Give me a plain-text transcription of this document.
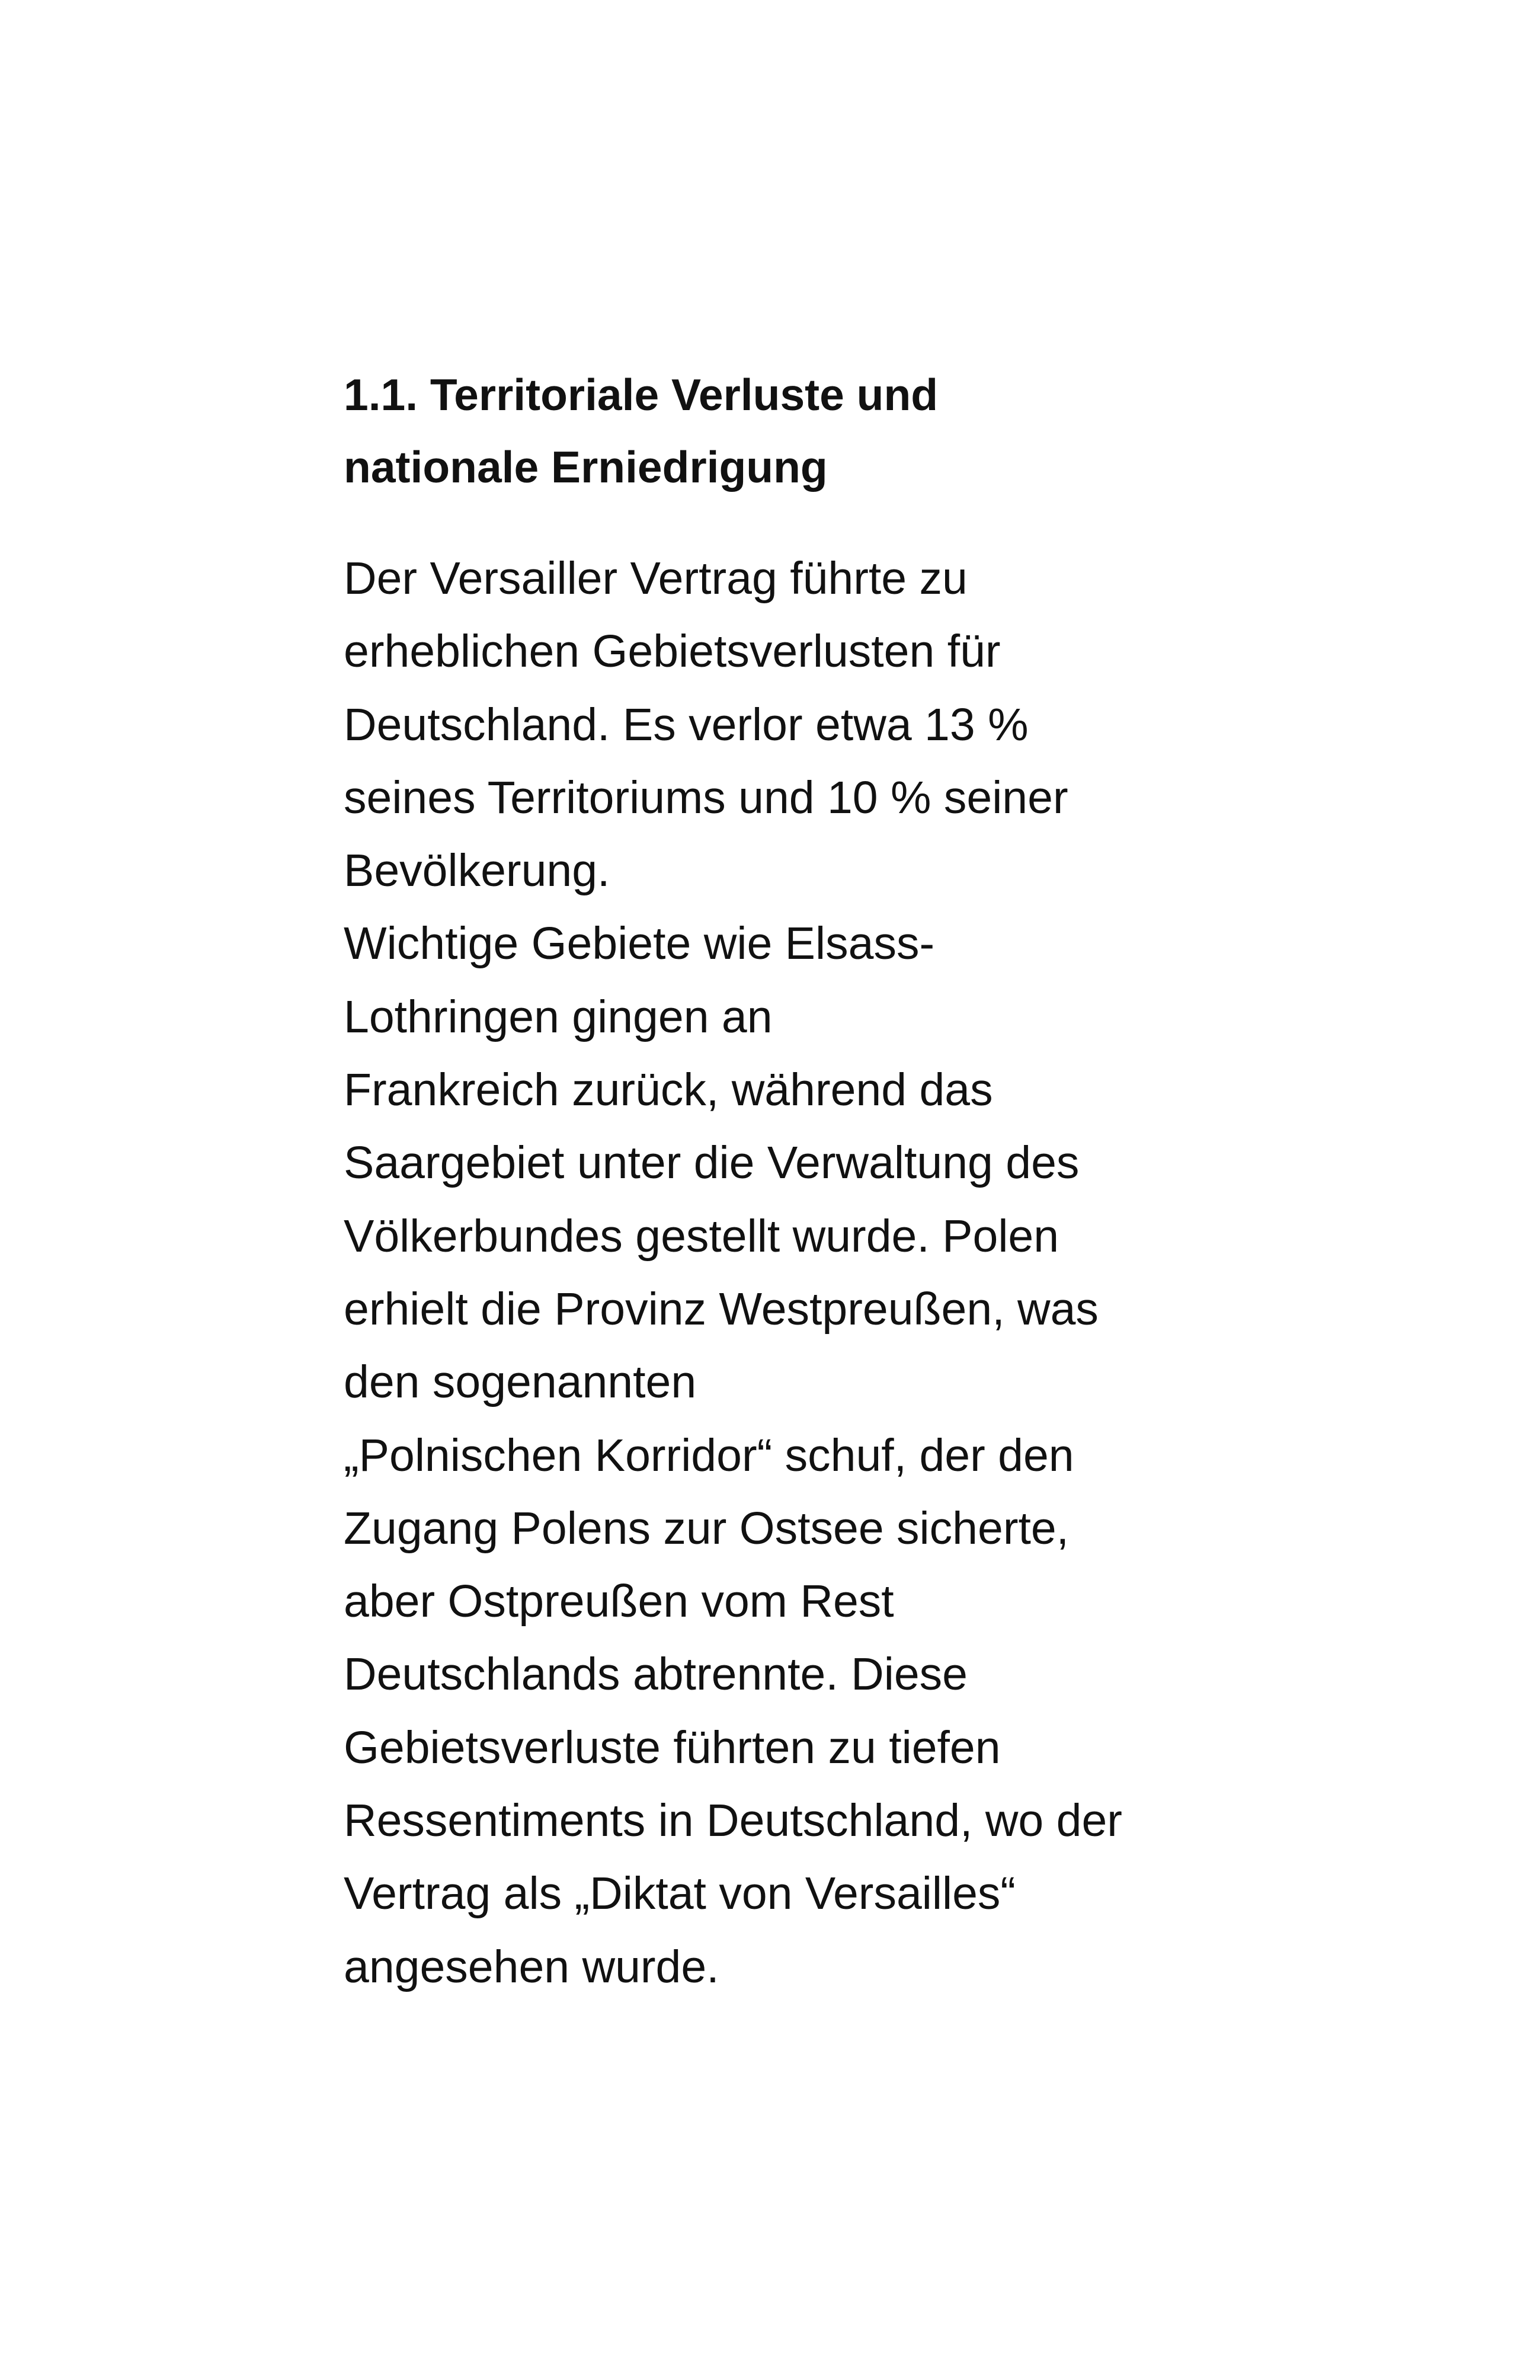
1.1. Territoriale Verluste und
nationale Erniedrigung
Der Versailler Vertrag führte zu
erheblichen Gebietsverlusten für
Deutschland. Es verlor etwa 13 %
seines Territoriums und 10 % seiner
Bevölkerung.
Wichtige Gebiete wie Elsass-
Lothringen gingen an
Frankreich zurück, während das
Saargebiet unter die Verwaltung des
Völkerbundes gestellt wurde. Polen
erhielt die Provinz Westpreußen, was
den sogenannten
„Polnischen Korridor“ schuf, der den
Zugang Polens zur Ostsee sicherte,
aber Ostpreußen vom Rest
Deutschlands abtrennte. Diese
Gebietsverluste führten zu tiefen
Ressentiments in Deutschland, wo der
Vertrag als „Diktat von Versailles“
angesehen wurde.
